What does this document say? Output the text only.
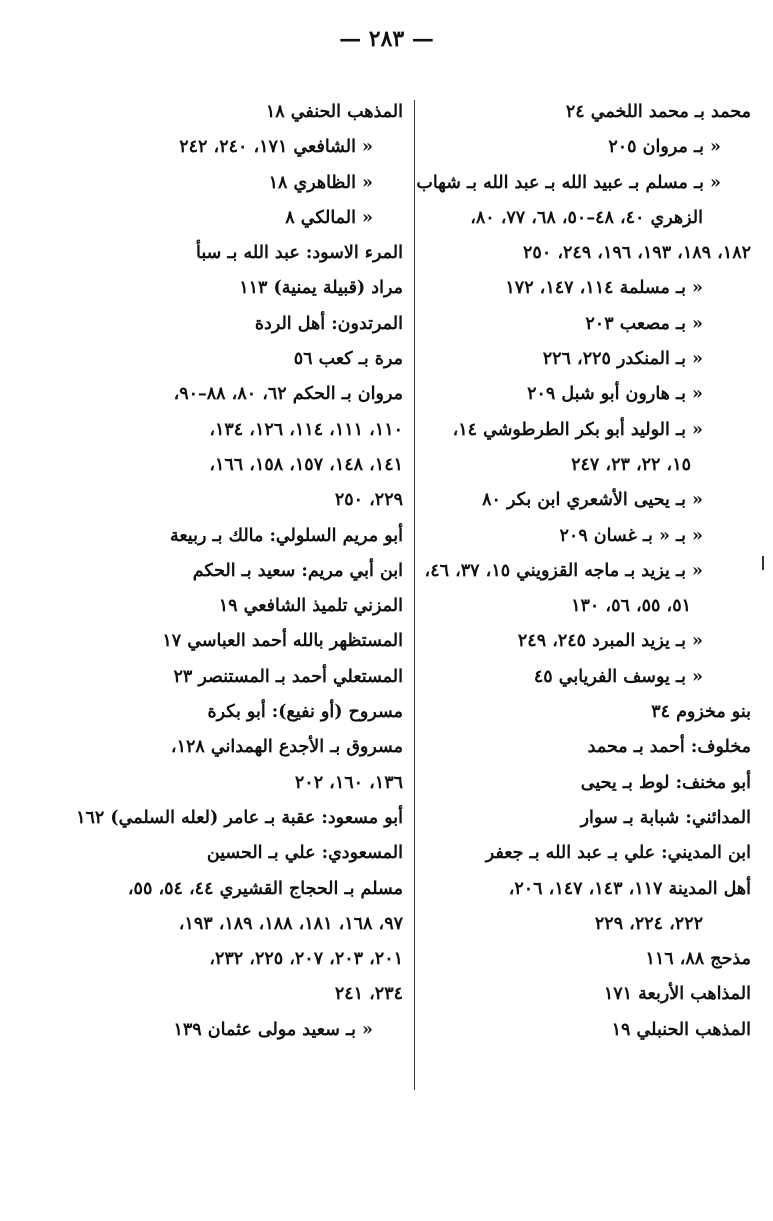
— ٢٨٣ —
محمد بـ محمد اللخمي ٢٤
« بـ مروان ٢٠٥
« بـ مسلم بـ عبيد الله بـ عبد الله بـ شهاب
الزهري ٤٠، ٤٨–٥٠، ٦٨، ٧٧، ٨٠،
١٨٢، ١٨٩، ١٩٣، ١٩٦، ٢٤٩، ٢٥٠
« بـ مسلمة ١١٤، ١٤٧، ١٧٢
« بـ مصعب ٢٠٣
« بـ المنكدر ٢٢٥، ٢٢٦
« بـ هارون أبو شبل ٢٠٩
« بـ الوليد أبو بكر الطرطوشي ١٤،
١٥، ٢٢، ٢٣، ٢٤٧
« بـ يحيى الأشعري ابن بكر ٨٠
« بـ « بـ غسان ٢٠٩
« بـ يزيد بـ ماجه القزويني ١٥، ٣٧، ٤٦،
٥١، ٥٥، ٥٦، ١٣٠
« بـ يزيد المبرد ٢٤٥، ٢٤٩
« بـ يوسف الفريابي ٤٥
بنو مخزوم ٣٤
مخلوف: أحمد بـ محمد
أبو مخنف: لوط بـ يحيى
المدائني: شبابة بـ سوار
ابن المديني: علي بـ عبد الله بـ جعفر
أهل المدينة ١١٧، ١٤٣، ١٤٧، ٢٠٦،
٢٢٢، ٢٢٤، ٢٢٩
مذحج ٨٨، ١١٦
المذاهب الأربعة ١٧١
المذهب الحنبلي ١٩
المذهب الحنفي ١٨
« الشافعي ١٧١، ٢٤٠، ٢٤٢
« الظاهري ١٨
« المالكي ٨
المرء الاسود: عبد الله بـ سبأ
مراد (قبيلة يمنية) ١١٣
المرتدون: أهل الردة
مرة بـ كعب ٥٦
مروان بـ الحكم ٦٢، ٨٠، ٨٨–٩٠،
١١٠، ١١١، ١١٤، ١٢٦، ١٣٤،
١٤١، ١٤٨، ١٥٧، ١٥٨، ١٦٦،
٢٢٩، ٢٥٠
أبو مريم السلولي: مالك بـ ربيعة
ابن أبي مريم: سعيد بـ الحكم
المزني تلميذ الشافعي ١٩
المستظهر بالله أحمد العباسي ١٧
المستعلي أحمد بـ المستنصر ٢٣
مسروح (أو نفيع): أبو بكرة
مسروق بـ الأجدع الهمداني ١٢٨،
١٣٦، ١٦٠، ٢٠٢
أبو مسعود: عقبة بـ عامر (لعله السلمي) ١٦٢
المسعودي: علي بـ الحسين
مسلم بـ الحجاج القشيري ٤٤، ٥٤، ٥٥،
٩٧، ١٦٨، ١٨١، ١٨٨، ١٨٩، ١٩٣،
٢٠١، ٢٠٣، ٢٠٧، ٢٢٥، ٢٣٢،
٢٣٤، ٢٤١
« بـ سعيد مولى عثمان ١٣٩
